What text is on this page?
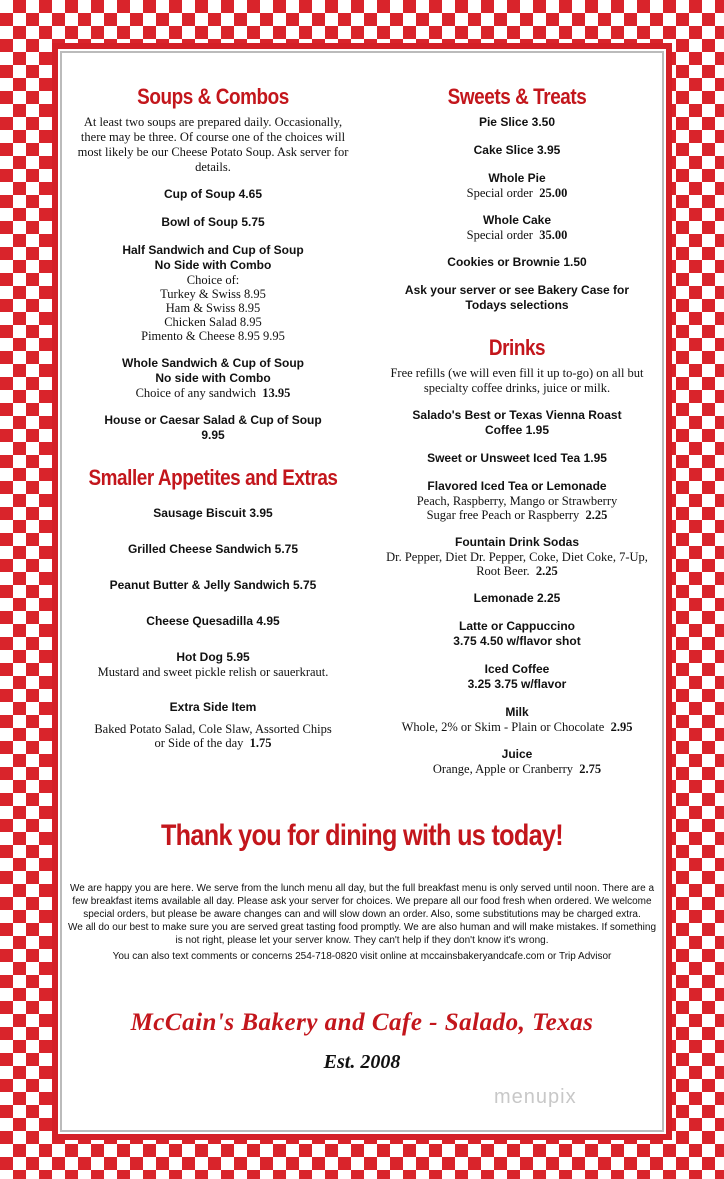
Soups & Combos
At least two soups are prepared daily. Occasionally, there may be three. Of course one of the choices will most likely be our Cheese Potato Soup. Ask server for details.
Cup of Soup 4.65
Bowl of Soup 5.75
Half Sandwich and Cup of Soup
No Side with Combo
Choice of:
Turkey & Swiss 8.95
Ham & Swiss 8.95
Chicken Salad 8.95
Pimento & Cheese 8.95 9.95
Whole Sandwich & Cup of Soup
No side with Combo
Choice of any sandwich 13.95
House or Caesar Salad & Cup of Soup
9.95
Smaller Appetites and Extras
Sausage Biscuit 3.95
Grilled Cheese Sandwich 5.75
Peanut Butter & Jelly Sandwich 5.75
Cheese Quesadilla 4.95
Hot Dog 5.95
Mustard and sweet pickle relish or sauerkraut.
Extra Side Item
Baked Potato Salad, Cole Slaw, Assorted Chips
or Side of the day 1.75
Sweets & Treats
Pie Slice 3.50
Cake Slice 3.95
Whole Pie
Special order 25.00
Whole Cake
Special order 35.00
Cookies or Brownie 1.50
Ask your server or see Bakery Case for
Todays selections
Drinks
Free refills (we will even fill it up to-go) on all but specialty coffee drinks, juice or milk.
Salado's Best or Texas Vienna Roast
Coffee 1.95
Sweet or Unsweet Iced Tea 1.95
Flavored Iced Tea or Lemonade
Peach, Raspberry, Mango or Strawberry
Sugar free Peach or Raspberry 2.25
Fountain Drink Sodas
Dr. Pepper, Diet Dr. Pepper, Coke, Diet Coke, 7-Up,
Root Beer. 2.25
Lemonade 2.25
Latte or Cappuccino
3.75 4.50 w/flavor shot
Iced Coffee
3.25 3.75 w/flavor
Milk
Whole, 2% or Skim - Plain or Chocolate 2.95
Juice
Orange, Apple or Cranberry 2.75
Thank you for dining with us today!

We are happy you are here. We serve from the lunch menu all day, but the full breakfast menu is only served until noon. There are a few breakfast items available all day. Please ask your server for choices. We prepare all our food fresh when ordered. We welcome special orders, but please be aware changes can and will slow down an order. Also, some substitutions may be charged extra.

We all do our best to make sure you are served great tasting food promptly. We are also human and will make mistakes. If something is not right, please let your server know. They can't help if they don't know it's wrong.

You can also text comments or concerns 254-718-0820 visit online at mccainsbakeryandcafe.com or Trip Advisor

McCain's Bakery and Cafe - Salado, Texas
Est. 2008
menupix
